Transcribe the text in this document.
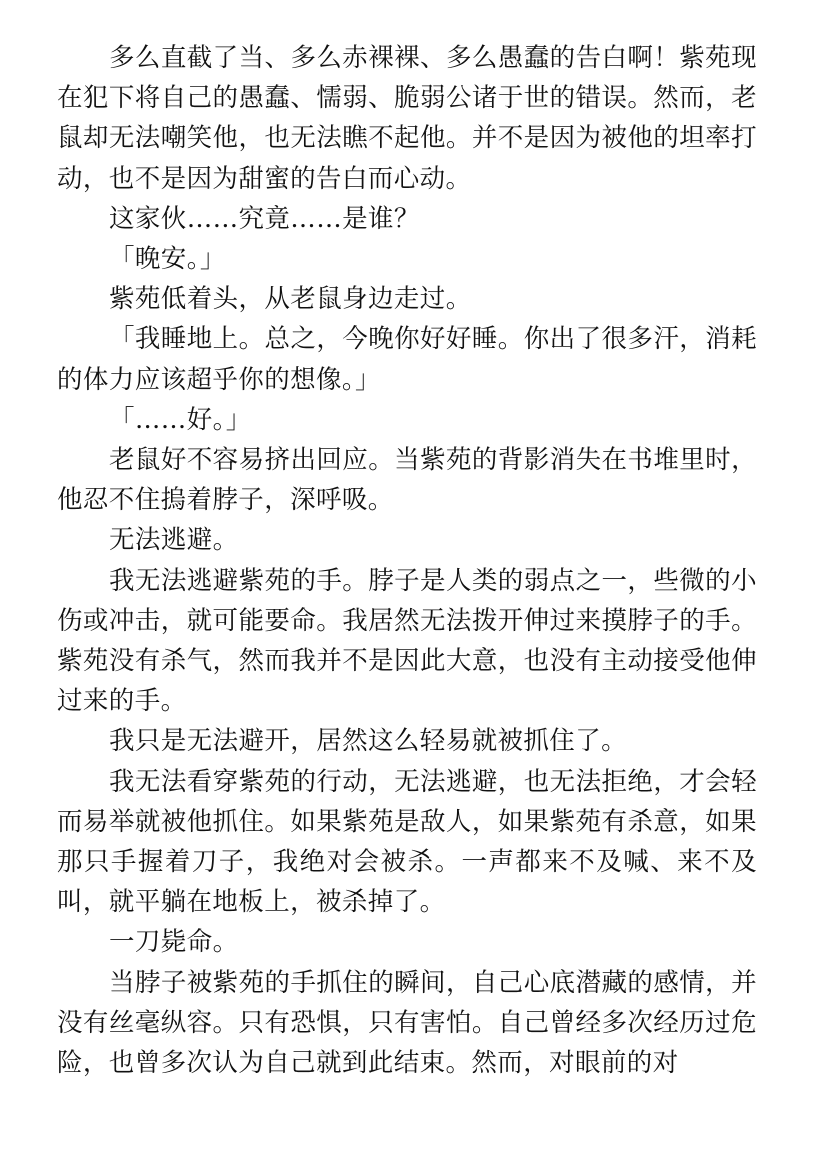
多么直截了当、多么赤裸裸、多么愚蠢的告白啊！紫苑现在犯下将自己的愚蠢、懦弱、脆弱公诸于世的错误。然而，老鼠却无法嘲笑他，也无法瞧不起他。并不是因为被他的坦率打动，也不是因为甜蜜的告白而心动。

这家伙……究竟……是谁？

「晚安。」

紫苑低着头，从老鼠身边走过。

「我睡地上。总之，今晚你好好睡。你出了很多汗，消耗的体力应该超乎你的想像。」

「……好。」

老鼠好不容易挤出回应。当紫苑的背影消失在书堆里时，他忍不住摀着脖子，深呼吸。

无法逃避。

我无法逃避紫苑的手。脖子是人类的弱点之一，些微的小伤或冲击，就可能要命。我居然无法拨开伸过来摸脖子的手。紫苑没有杀气，然而我并不是因此大意，也没有主动接受他伸过来的手。

我只是无法避开，居然这么轻易就被抓住了。

我无法看穿紫苑的行动，无法逃避，也无法拒绝，才会轻而易举就被他抓住。如果紫苑是敌人，如果紫苑有杀意，如果那只手握着刀子，我绝对会被杀。一声都来不及喊、来不及叫，就平躺在地板上，被杀掉了。

一刀毙命。

当脖子被紫苑的手抓住的瞬间，自己心底潜藏的感情，并没有丝毫纵容。只有恐惧，只有害怕。自己曾经多次经历过危险，也曾多次认为自己就到此结束。然而，对眼前的对
